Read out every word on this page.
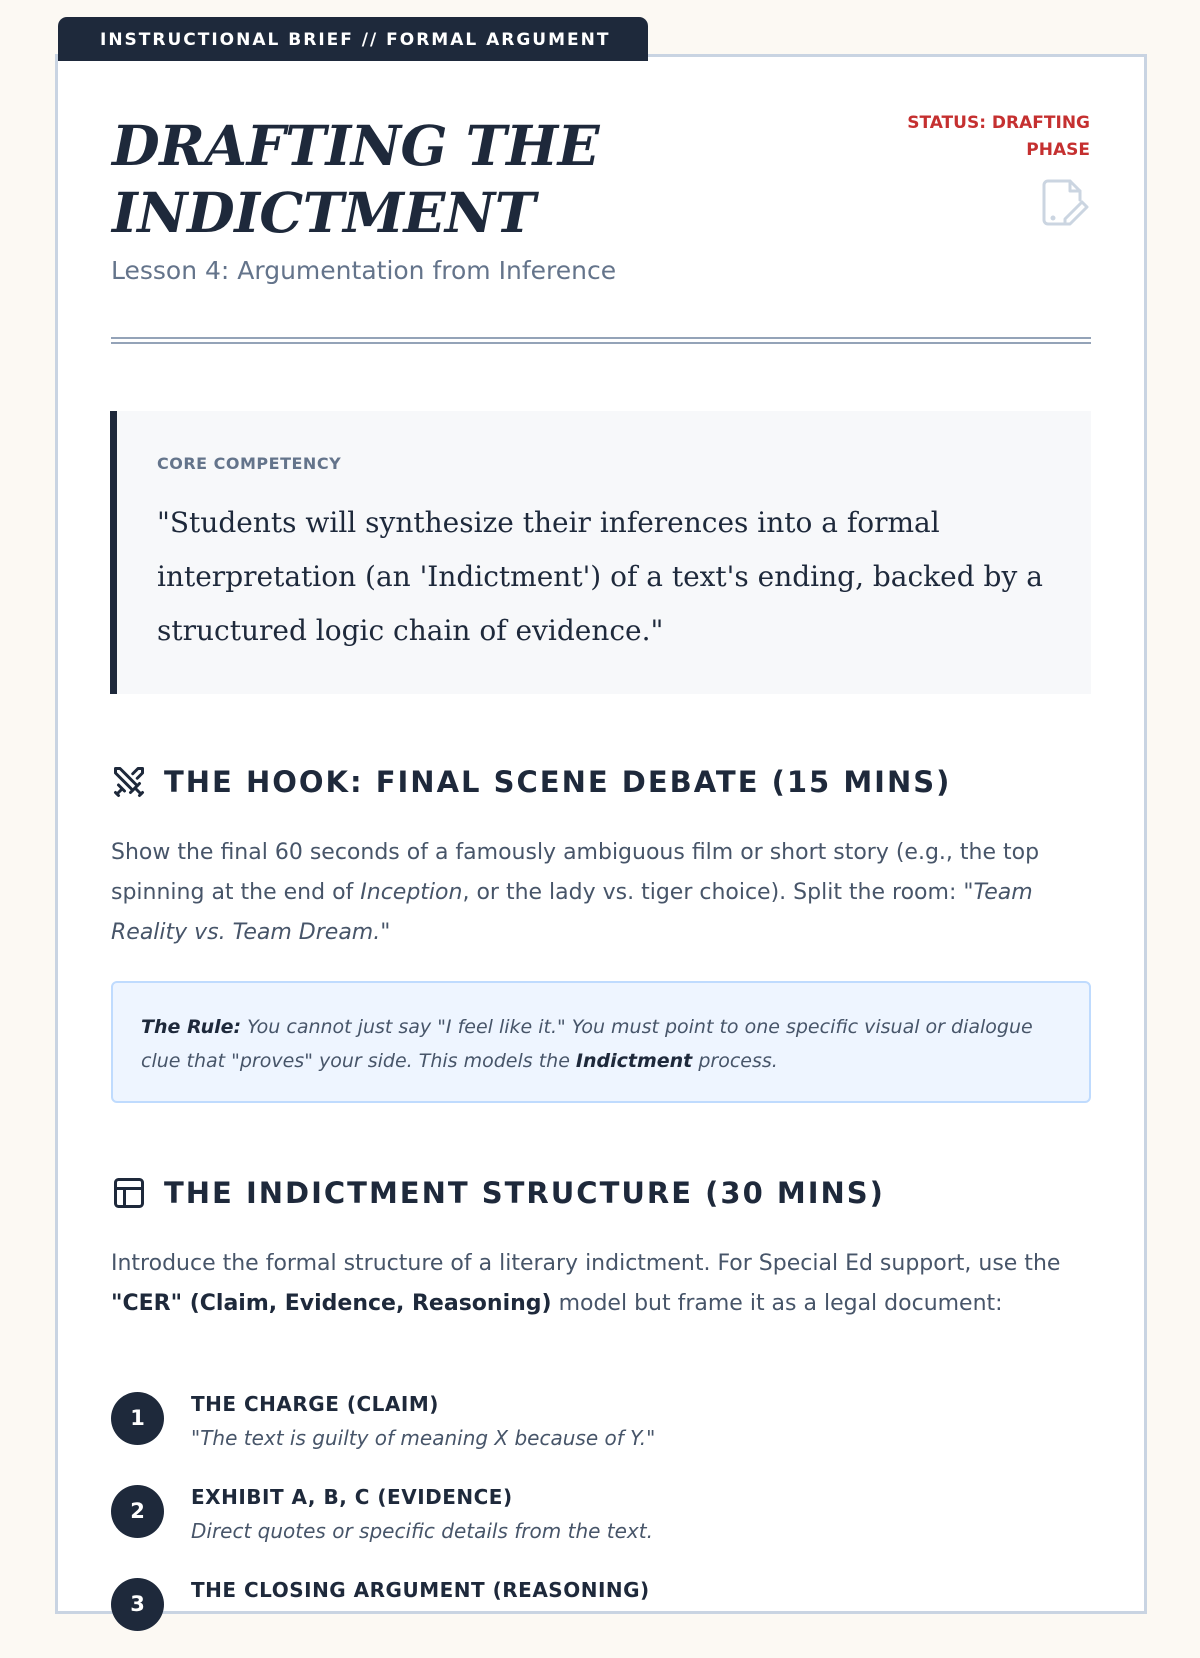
INSTRUCTIONAL BRIEF // FORMAL ARGUMENT
DRAFTING THE
INDICTMENT
Lesson 4: Argumentation from Inference
STATUS: DRAFTING
PHASE
CORE COMPETENCY

"Students will synthesize their inferences into a formal interpretation (an 'Indictment') of a text's ending, backed by a structured logic chain of evidence."

THE HOOK: FINAL SCENE DEBATE (15 MINS)

Show the final 60 seconds of a famously ambiguous film or short story (e.g., the top spinning at the end of Inception, or the lady vs. tiger choice). Split the room: "Team Reality vs. Team Dream."

The Rule: You cannot just say "I feel like it." You must point to one specific visual or dialogue clue that "proves" your side. This models the Indictment process.
THE INDICTMENT STRUCTURE (30 MINS)

Introduce the formal structure of a literary indictment. For Special Ed support, use the "CER" (Claim, Evidence, Reasoning) model but frame it as a legal document:

1
THE CHARGE (CLAIM)
"The text is guilty of meaning X because of Y."
2
EXHIBIT A, B, C (EVIDENCE)
Direct quotes or specific details from the text.
3
THE CLOSING ARGUMENT (REASONING)
